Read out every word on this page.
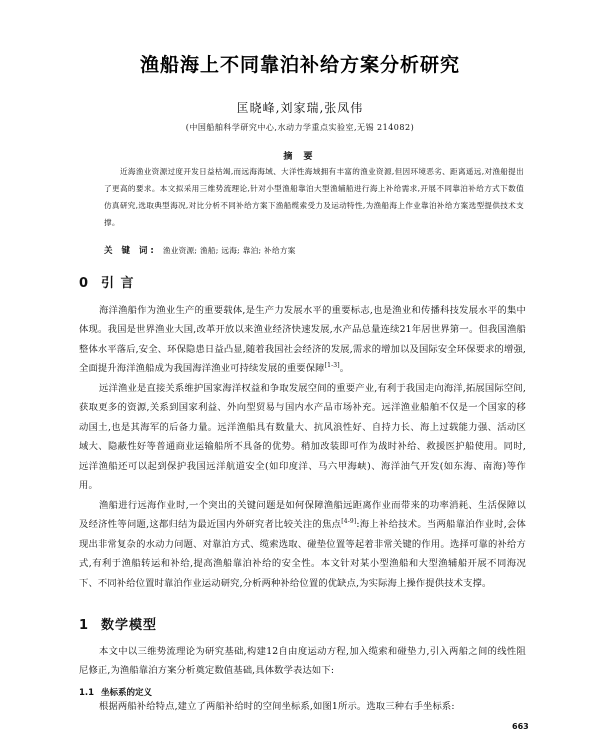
渔船海上不同靠泊补给方案分析研究
匡晓峰,刘家瑞,张凤伟
(中国船舶科学研究中心,水动力学重点实验室,无锡 214082)
摘 要
近海渔业资源过度开发日益枯竭,而远海海域、大洋性海域拥有丰富的渔业资源,但因环境恶劣、距离遥远,对渔船提出了更高的要求。本文拟采用三维势流理论,针对小型渔船靠泊大型渔辅船进行海上补给需求,开展不同靠泊补给方式下数值仿真研究,选取典型海况,对比分析不同补给方案下渔船缆索受力及运动特性,为渔船海上作业靠泊补给方案选型提供技术支撑。
关 键 词: 渔业资源; 渔船; 远海; 靠泊; 补给方案
0 引 言
海洋渔船作为渔业生产的重要载体,是生产力发展水平的重要标志,也是渔业和传播科技发展水平的集中体现。我国是世界渔业大国,改革开放以来渔业经济快速发展,水产品总量连续21年居世界第一。但我国渔船整体水平落后,安全、环保隐患日益凸显,随着我国社会经济的发展,需求的增加以及国际安全环保要求的增强,全面提升海洋渔船成为我国海洋渔业可持续发展的重要保障[1-3]。
远洋渔业是直接关系维护国家海洋权益和争取发展空间的重要产业,有利于我国走向海洋,拓展国际空间,获取更多的资源,关系到国家利益、外向型贸易与国内水产品市场补充。远洋渔业船舶不仅是一个国家的移动国土,也是其海军的后备力量。远洋渔船具有数量大、抗风浪性好、自持力长、海上过载能力强、活动区域大、隐蔽性好等普通商业运输船所不具备的优势。稍加改装即可作为战时补给、救援医护船使用。同时,远洋渔船还可以起到保护我国远洋航道安全(如印度洋、马六甲海峡)、海洋油气开发(如东海、南海)等作用。
渔船进行远海作业时,一个突出的关键问题是如何保障渔船远距离作业而带来的功率消耗、生活保障以及经济性等问题,这都归结为最近国内外研究者比较关注的焦点[4-9]:海上补给技术。当两船靠泊作业时,会体现出非常复杂的水动力问题、对靠泊方式、缆索选取、碰垫位置等起着非常关键的作用。选择可靠的补给方式,有利于渔船转运和补给,提高渔船靠泊补给的安全性。本文针对某小型渔船和大型渔辅船开展不同海况下、不同补给位置时靠泊作业运动研究,分析两种补给位置的优缺点,为实际海上操作提供技术支撑。
1 数学模型
本文中以三维势流理论为研究基础,构建12自由度运动方程,加入缆索和碰垫力,引入两船之间的线性阻尼修正,为渔船靠泊方案分析奠定数值基础,具体数学表达如下:
1.1 坐标系的定义
根据两船补给特点,建立了两船补给时的空间坐标系,如图1所示。选取三种右手坐标系:
663
